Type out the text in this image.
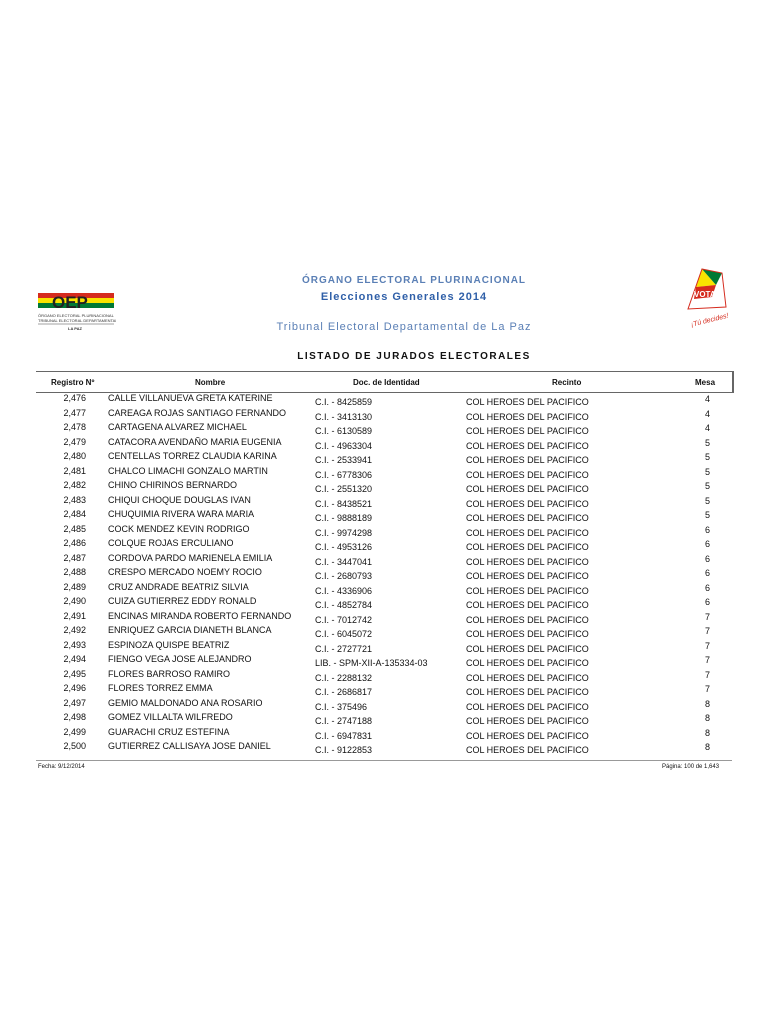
OEP
ÓRGANO ELECTORAL PLURINACIONAL
TRIBUNAL ELECTORAL DEPARTAMENTAL
LA PAZ
VOTA
¡Tú decides!
ÓRGANO ELECTORAL PLURINACIONAL
Elecciones Generales 2014
Tribunal Electoral Departamental de La Paz
LISTADO DE JURADOS ELECTORALES
Registro Nº	Nombre	Doc. de Identidad	Recinto	Mesa
2,476 CALLE VILLANUEVA GRETA KATERINE	C.I. - 8425859	COL HEROES DEL PACIFICO	4
2,477 CAREAGA ROJAS SANTIAGO FERNANDO	C.I. - 3413130	COL HEROES DEL PACIFICO	4
2,478 CARTAGENA ALVAREZ MICHAEL	C.I. - 6130589	COL HEROES DEL PACIFICO	4
2,479 CATACORA AVENDAÑO MARIA EUGENIA	C.I. - 4963304	COL HEROES DEL PACIFICO	5
2,480 CENTELLAS TORREZ CLAUDIA KARINA	C.I. - 2533941	COL HEROES DEL PACIFICO	5
2,481 CHALCO LIMACHI GONZALO MARTIN	C.I. - 6778306	COL HEROES DEL PACIFICO	5
2,482 CHINO CHIRINOS BERNARDO	C.I. - 2551320	COL HEROES DEL PACIFICO	5
2,483 CHIQUI CHOQUE DOUGLAS IVAN	C.I. - 8438521	COL HEROES DEL PACIFICO	5
2,484 CHUQUIMIA RIVERA WARA MARIA	C.I. - 9888189	COL HEROES DEL PACIFICO	5
2,485 COCK MENDEZ KEVIN RODRIGO	C.I. - 9974298	COL HEROES DEL PACIFICO	6
2,486 COLQUE ROJAS ERCULIANO	C.I. - 4953126	COL HEROES DEL PACIFICO	6
2,487 CORDOVA PARDO MARIENELA EMILIA	C.I. - 3447041	COL HEROES DEL PACIFICO	6
2,488 CRESPO MERCADO NOEMY ROCIO	C.I. - 2680793	COL HEROES DEL PACIFICO	6
2,489 CRUZ ANDRADE BEATRIZ SILVIA	C.I. - 4336906	COL HEROES DEL PACIFICO	6
2,490 CUIZA GUTIERREZ EDDY RONALD	C.I. - 4852784	COL HEROES DEL PACIFICO	6
2,491 ENCINAS MIRANDA ROBERTO FERNANDO	C.I. - 7012742	COL HEROES DEL PACIFICO	7
2,492 ENRIQUEZ GARCIA DIANETH BLANCA	C.I. - 6045072	COL HEROES DEL PACIFICO	7
2,493 ESPINOZA QUISPE BEATRIZ	C.I. - 2727721	COL HEROES DEL PACIFICO	7
2,494 FIENGO VEGA JOSE ALEJANDRO	LIB. - SPM-XII-A-135334-03	COL HEROES DEL PACIFICO	7
2,495 FLORES BARROSO RAMIRO	C.I. - 2288132	COL HEROES DEL PACIFICO	7
2,496 FLORES TORREZ EMMA	C.I. - 2686817	COL HEROES DEL PACIFICO	7
2,497 GEMIO MALDONADO ANA ROSARIO	C.I. - 375496	COL HEROES DEL PACIFICO	8
2,498 GOMEZ VILLALTA WILFREDO	C.I. - 2747188	COL HEROES DEL PACIFICO	8
2,499 GUARACHI CRUZ ESTEFINA	C.I. - 6947831	COL HEROES DEL PACIFICO	8
2,500 GUTIERREZ CALLISAYA JOSE DANIEL	C.I. - 9122853	COL HEROES DEL PACIFICO	8
Fecha: 9/12/2014	Página: 100 de 1,643
